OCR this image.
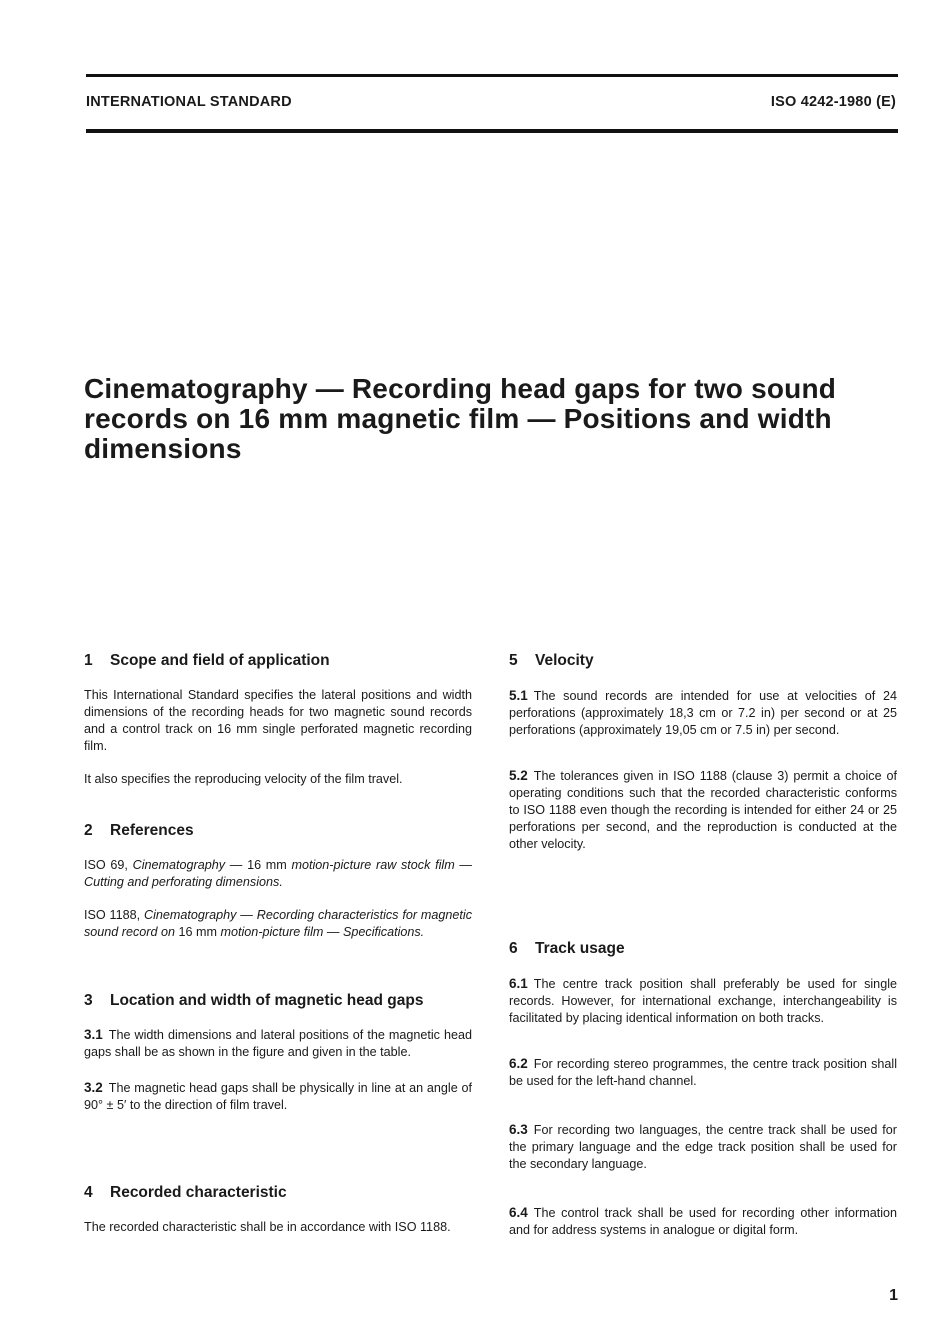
INTERNATIONAL STANDARD	ISO 4242-1980 (E)
Cinematography — Recording head gaps for two sound records on 16 mm magnetic film — Positions and width dimensions
1 Scope and field of application

This International Standard specifies the lateral positions and width dimensions of the recording heads for two magnetic sound records and a control track on 16 mm single perforated magnetic recording film.

It also specifies the reproducing velocity of the film travel.

2 References

ISO 69, Cinematography — 16 mm motion-picture raw stock film — Cutting and perforating dimensions.

ISO 1188, Cinematography — Recording characteristics for magnetic sound record on 16 mm motion-picture film — Specifications.

3 Location and width of magnetic head gaps

3.1 The width dimensions and lateral positions of the magnetic head gaps shall be as shown in the figure and given in the table.

3.2 The magnetic head gaps shall be physically in line at an angle of 90° ± 5′ to the direction of film travel.

4 Recorded characteristic

The recorded characteristic shall be in accordance with ISO 1188.

5 Velocity

5.1 The sound records are intended for use at velocities of 24 perforations (approximately 18,3 cm or 7.2 in) per second or at 25 perforations (approximately 19,05 cm or 7.5 in) per second.

5.2 The tolerances given in ISO 1188 (clause 3) permit a choice of operating conditions such that the recorded characteristic conforms to ISO 1188 even though the recording is intended for either 24 or 25 perforations per second, and the reproduction is conducted at the other velocity.

6 Track usage

6.1 The centre track position shall preferably be used for single records. However, for international exchange, interchangeability is facilitated by placing identical information on both tracks.

6.2 For recording stereo programmes, the centre track position shall be used for the left-hand channel.

6.3 For recording two languages, the centre track shall be used for the primary language and the edge track position shall be used for the secondary language.

6.4 The control track shall be used for recording other information and for address systems in analogue or digital form.

1
